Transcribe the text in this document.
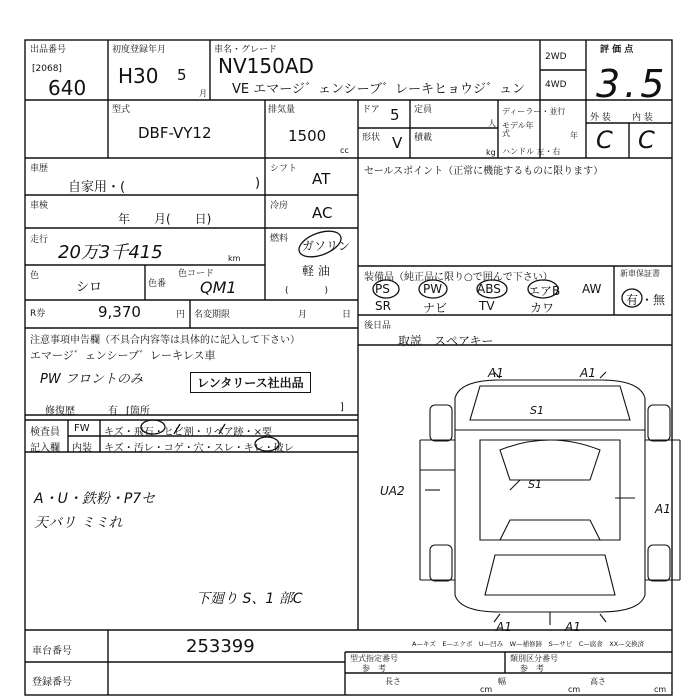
出品番号
[2068]
640
初度登録年月
H30 5
月
車名・グレード
NV150AD
VE エマージ゛ェンシーブ゛レーキヒョウジ゛ュン
2WD
4WD
評 価 点
3.5
型式
DBF-VY12
排気量
1500
cc
ドア 5
形状 V
定員
人
積載
kg
ディーラー・並行
モデル年式	年
ハンドル 左・右
外 装 内 装
C C
車歴
自家用・(	)
車検
年　　月(　　日)
走行
20万3千415	km
色
シロ	色番
色コード
QM1
R券	9,370	円 名変期限	月	日
シフト
AT
冷房 AC
燃料 ガソリン
軽 油
(　　　　)
セールスポイント（正常に機能するものに限ります）
装備品（純正品に限り○で囲んで下さい）
PS	PW	ABS エアB AW
SR	ナビ	TV	カワ
新車保証書
有 ・ 無
後日品
取説　スペアキー
注意事項申告欄（不具合内容等は具体的に記入して下さい）
エマージ゛ェンシーブ゛レーキレス車
PW フロントのみ	レンタリース社出品
修復歴	有 [箇所	]
検査員
記入欄
FW キズ・飛石・ヒビ割・リペア跡・×要
内装 キズ・汚レ・コゲ・穴・スレ・キレ・破レ
A・U・鉄粉・P7セ
天バリ ミミれ
下廻り S、1 部C
A1	A1
S1
S1
UA2
A1
A1	A1
A—キズ　E—エクボ　U—凹み　W—補修跡　S—サビ　C—腐食　XX—交換済
車台番号	253399
登録番号
型式指定番号
参　考
類別区分番号
参　考
長さ
cm
幅
cm
高さ
cm
